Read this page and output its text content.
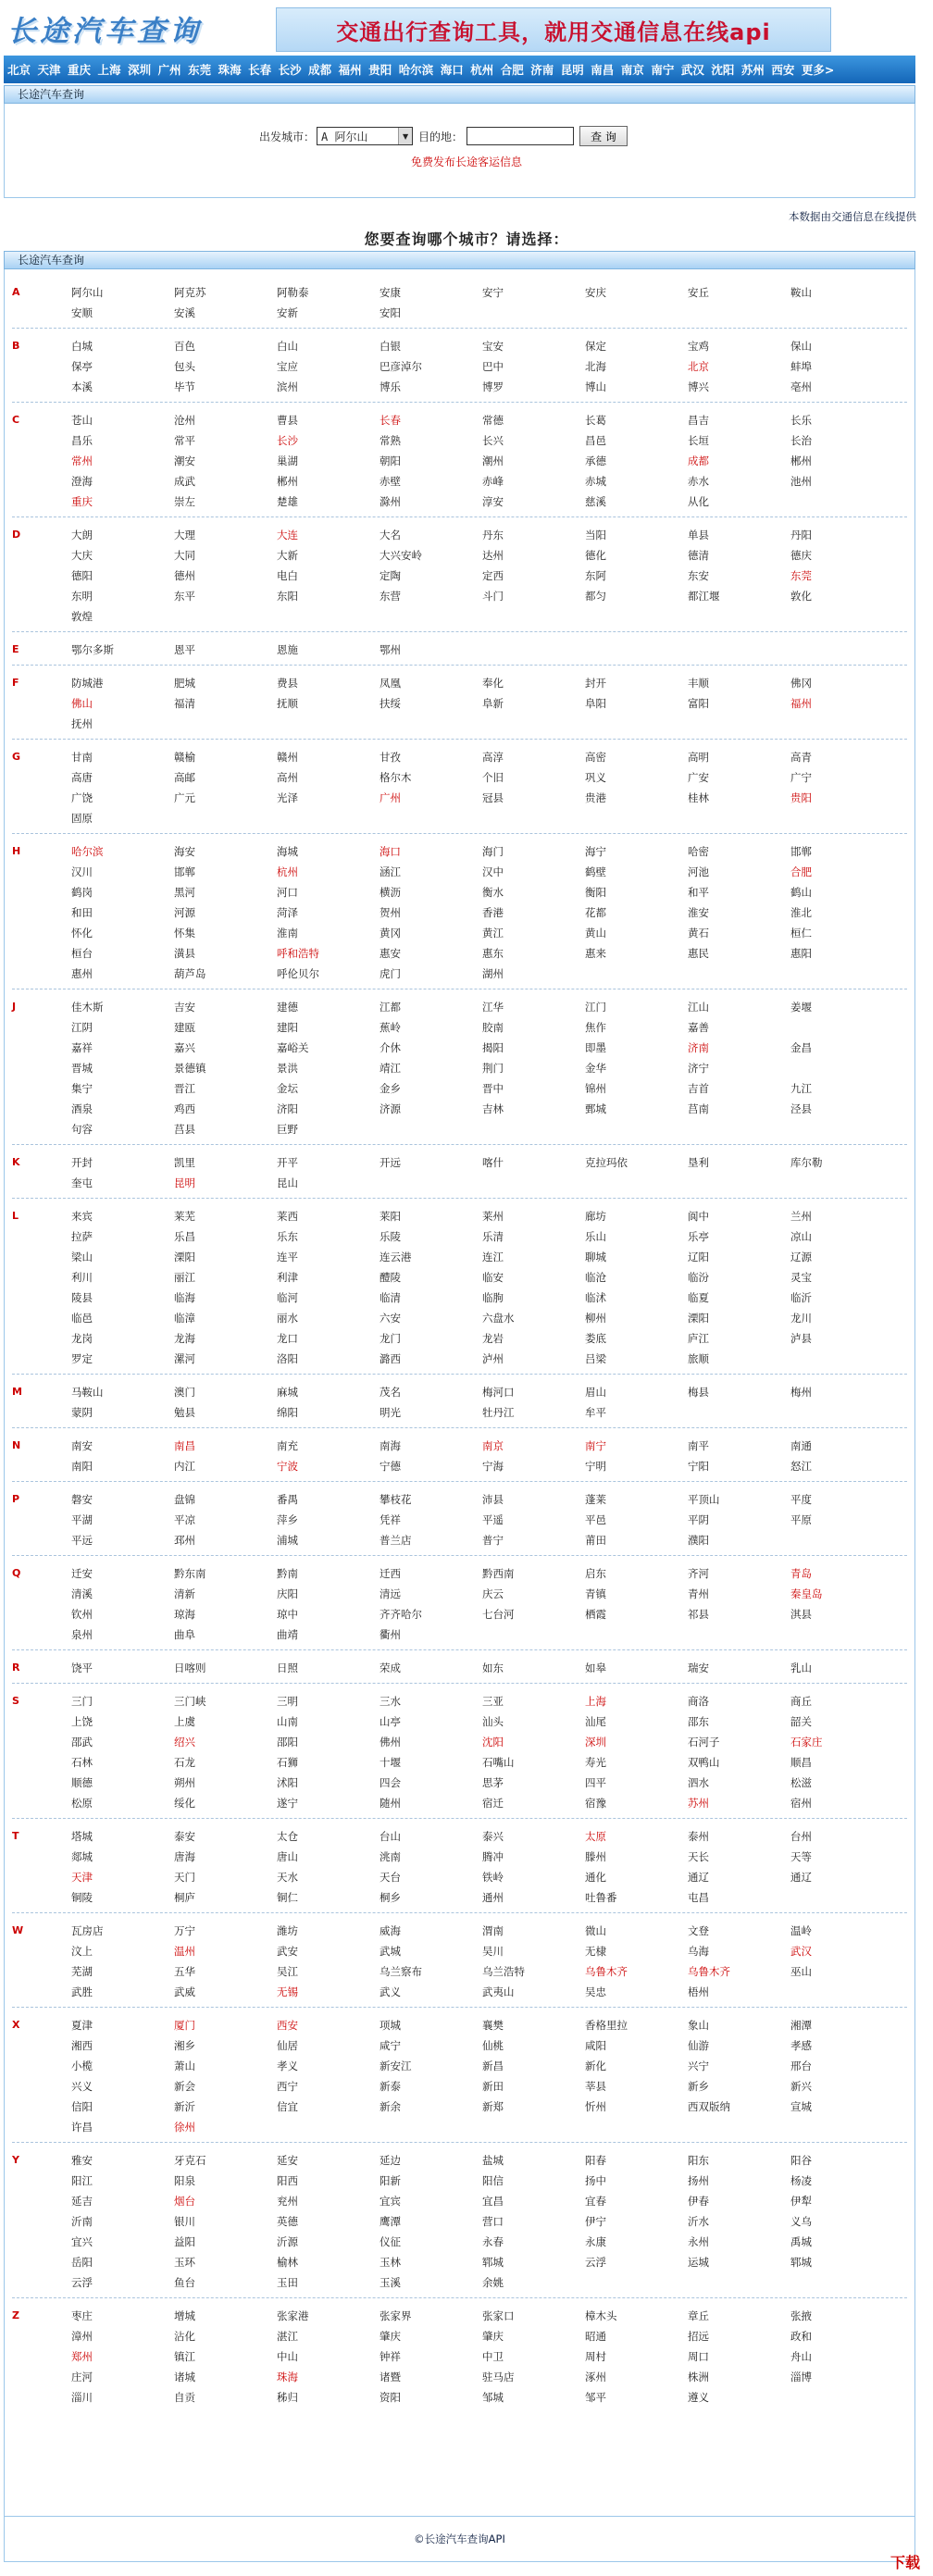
长途汽车查询	交通出行查询工具，就用交通信息在线api
北京 天津 重庆 上海 深圳 广州 东莞 珠海 长春 长沙 成都 福州 贵阳 哈尔滨 海口 杭州 合肥 济南 昆明 南昌 南京 南宁 武汉 沈阳 苏州 西安 更多>
长途汽车查询
出发城市： A 阿尔山	▼ 目的地：	查 询
免费发布长途客运信息
本数据由交通信息在线提供
您要查询哪个城市？请选择：
长途汽车查询
A	阿尔山	阿克苏	阿勒泰	安康	安宁	安庆	安丘	鞍山
安顺	安溪	安新	安阳
B	白城	百色	白山	白银	宝安	保定	宝鸡	保山
保亭	包头	宝应	巴彦淖尔	巴中	北海	北京	蚌埠
本溪	毕节	滨州	博乐	博罗	博山	博兴	亳州
C	苍山	沧州	曹县	长春	常德	长葛	昌吉	长乐
昌乐	常平	长沙	常熟	长兴	昌邑	长垣	长治
常州	潮安	巢湖	朝阳	潮州	承德	成都	郴州
澄海	成武	郴州	赤壁	赤峰	赤城	赤水	池州
重庆	崇左	楚雄	滁州	淳安	慈溪	从化
D	大朗	大理	大连	大名	丹东	当阳	单县	丹阳
大庆	大同	大新	大兴安岭	达州	德化	德清	德庆
德阳	德州	电白	定陶	定西	东阿	东安	东莞
东明	东平	东阳	东营	斗门	都匀	都江堰	敦化
敦煌
E	鄂尔多斯	恩平	恩施	鄂州
F	防城港	肥城	费县	凤凰	奉化	封开	丰顺	佛冈
佛山	福清	抚顺	扶绥	阜新	阜阳	富阳	福州
抚州
G	甘南	赣榆	赣州	甘孜	高淳	高密	高明	高青
高唐	高邮	高州	格尔木	个旧	巩义	广安	广宁
广饶	广元	光泽	广州	冠县	贵港	桂林	贵阳
固原
H	哈尔滨	海安	海城	海口	海门	海宁	哈密	邯郸
汉川	邯郸	杭州	涵江	汉中	鹤壁	河池	合肥
鹤岗	黑河	河口	横沥	衡水	衡阳	和平	鹤山
和田	河源	菏泽	贺州	香港	花都	淮安	淮北
怀化	怀集	淮南	黄冈	黄江	黄山	黄石	桓仁
桓台	潢县	呼和浩特	惠安	惠东	惠来	惠民	惠阳
惠州	葫芦岛	呼伦贝尔	虎门	湖州
J	佳木斯	吉安	建德	江都	江华	江门	江山	姜堰
江阴	建瓯	建阳	蕉岭	胶南	焦作	嘉善
嘉祥	嘉兴	嘉峪关	介休	揭阳	即墨	济南	金昌
晋城	景德镇	景洪	靖江	荆门	金华	济宁
集宁	晋江	金坛	金乡	晋中	锦州	吉首	九江
酒泉	鸡西	济阳	济源	吉林	鄄城	莒南	泾县
句容	莒县	巨野
K	开封	凯里	开平	开远	喀什	克拉玛依	垦利	库尔勒
奎屯	昆明	昆山
L	来宾	莱芜	莱西	莱阳	莱州	廊坊	阆中	兰州
拉萨	乐昌	乐东	乐陵	乐清	乐山	乐亭	凉山
梁山	溧阳	连平	连云港	连江	聊城	辽阳	辽源
利川	丽江	利津	醴陵	临安	临沧	临汾	灵宝
陵县	临海	临河	临清	临朐	临沭	临夏	临沂
临邑	临漳	丽水	六安	六盘水	柳州	溧阳	龙川
龙岗	龙海	龙口	龙门	龙岩	娄底	庐江	泸县
罗定	漯河	洛阳	潞西	泸州	吕梁	旅顺
M	马鞍山	澳门	麻城	茂名	梅河口	眉山	梅县	梅州
蒙阴	勉县	绵阳	明光	牡丹江	牟平
N	南安	南昌	南充	南海	南京	南宁	南平	南通
南阳	内江	宁波	宁德	宁海	宁明	宁阳	怒江
P	磐安	盘锦	番禺	攀枝花	沛县	蓬莱	平顶山	平度
平湖	平凉	萍乡	凭祥	平遥	平邑	平阴	平原
平远	邳州	浦城	普兰店	普宁	莆田	濮阳
Q	迁安	黔东南	黔南	迁西	黔西南	启东	齐河	青岛
清溪	清新	庆阳	清远	庆云	青镇	青州	秦皇岛
钦州	琼海	琼中	齐齐哈尔	七台河	栖霞	祁县	淇县
泉州	曲阜	曲靖	衢州
R	饶平	日喀则	日照	荣成	如东	如皋	瑞安	乳山
S	三门	三门峡	三明	三水	三亚	上海	商洛	商丘
上饶	上虞	山南	山亭	汕头	汕尾	邵东	韶关
邵武	绍兴	邵阳	佛州	沈阳	深圳	石河子	石家庄
石林	石龙	石狮	十堰	石嘴山	寿光	双鸭山	顺昌
顺德	朔州	沭阳	四会	思茅	四平	泗水	松滋
松原	绥化	遂宁	随州	宿迁	宿豫	苏州	宿州
T	塔城	泰安	太仓	台山	泰兴	太原	泰州	台州
郯城	唐海	唐山	洮南	腾冲	滕州	天长	天等
天津	天门	天水	天台	铁岭	通化	通辽	通辽
铜陵	桐庐	铜仁	桐乡	通州	吐鲁番	屯昌
W	瓦房店	万宁	潍坊	威海	渭南	微山	文登	温岭
汶上	温州	武安	武城	吴川	无棣	乌海	武汉
芜湖	五华	吴江	乌兰察布	乌兰浩特	乌鲁木齐	乌鲁木齐	巫山
武胜	武威	无锡	武义	武夷山	吴忠	梧州
X	夏津	厦门	西安	项城	襄樊	香格里拉	象山	湘潭
湘西	湘乡	仙居	咸宁	仙桃	咸阳	仙游	孝感
小榄	萧山	孝义	新安江	新昌	新化	兴宁	邢台
兴义	新会	西宁	新泰	新田	莘县	新乡	新兴
信阳	新沂	信宜	新余	新郑	忻州	西双版纳	宣城
许昌	徐州
Y	雅安	牙克石	延安	延边	盐城	阳春	阳东	阳谷
阳江	阳泉	阳西	阳新	阳信	扬中	扬州	杨凌
延吉	烟台	兖州	宜宾	宜昌	宜春	伊春	伊犁
沂南	银川	英德	鹰潭	营口	伊宁	沂水	义乌
宜兴	益阳	沂源	仪征	永春	永康	永州	禹城
岳阳	玉环	榆林	玉林	郓城	云浮	运城	郓城
云浮	鱼台	玉田	玉溪	余姚
Z	枣庄	增城	张家港	张家界	张家口	樟木头	章丘	张掖
漳州	沾化	湛江	肇庆	肇庆	昭通	招远	政和
郑州	镇江	中山	钟祥	中卫	周村	周口	舟山
庄河	诸城	珠海	诸暨	驻马店	涿州	株洲	淄博
淄川	自贡	秭归	资阳	邹城	邹平	遵义
©长途汽车查询API
下载
